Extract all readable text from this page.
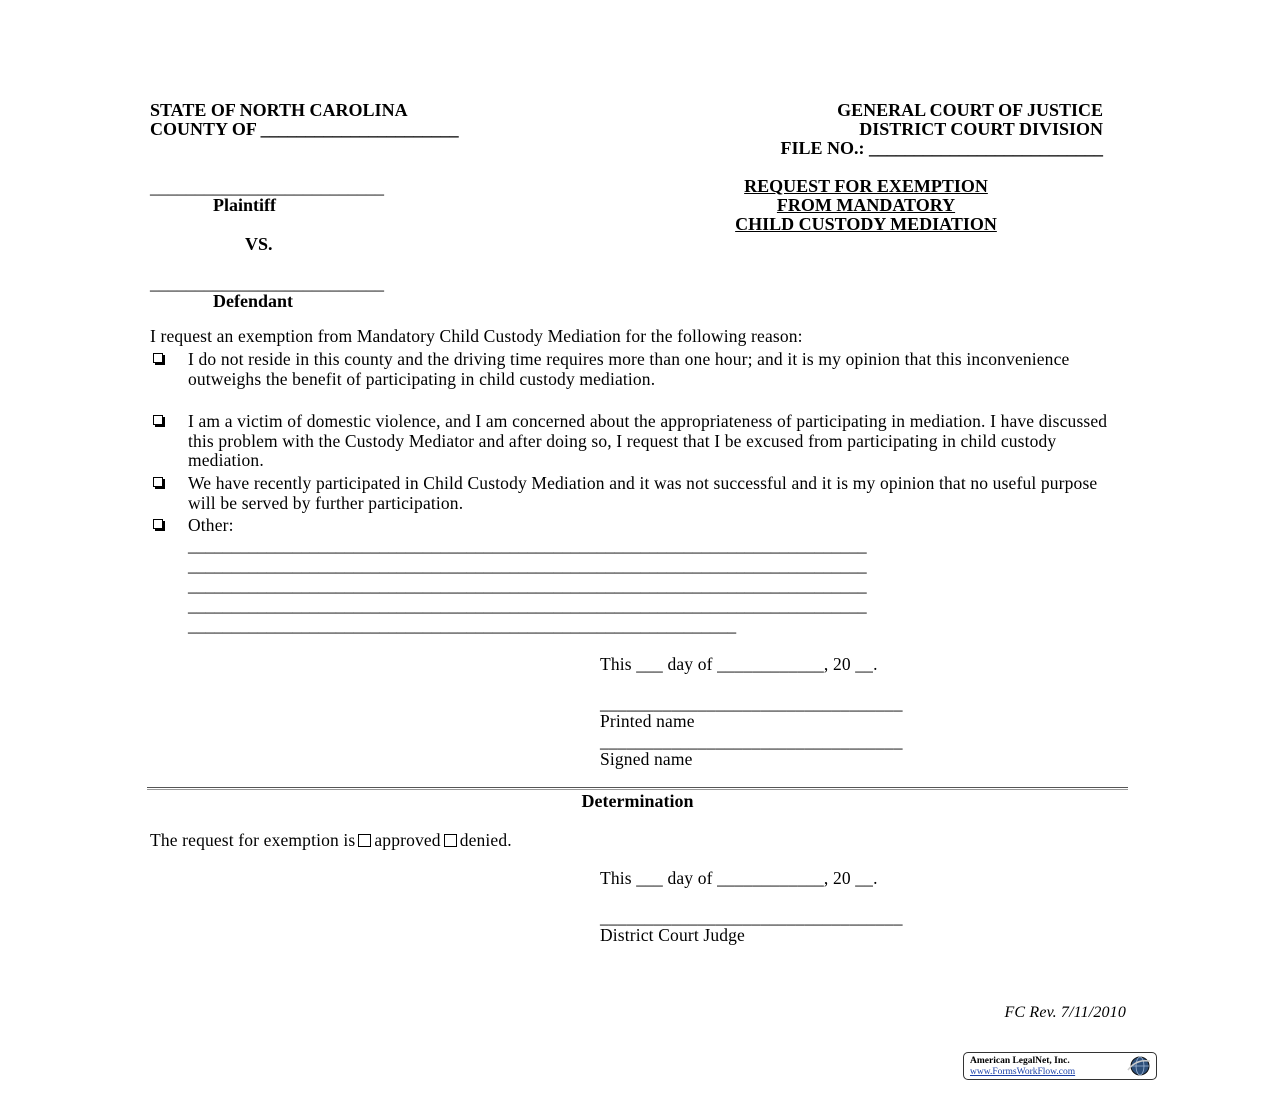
STATE OF NORTH CAROLINA
COUNTY OF ______________________
GENERAL COURT OF JUSTICE
DISTRICT COURT DIVISION
FILE NO.: __________________________
__________________________
Plaintiff
VS.
__________________________
Defendant
REQUEST FOR EXEMPTION
FROM MANDATORY
CHILD CUSTODY MEDIATION
I request an exemption from Mandatory Child Custody Mediation for the following reason:
I do not reside in this county and the driving time requires more than one hour; and it is my opinion that this inconvenience outweighs the benefit of participating in child custody mediation.
I am a victim of domestic violence, and I am concerned about the appropriateness of participating in mediation. I have discussed this problem with the Custody Mediator and after doing so, I request that I be excused from participating in child custody mediation.
We have recently participated in Child Custody Mediation and it was not successful and it is my opinion that no useful purpose will be served by further participation.
Other:
______________________________________________________________________________
______________________________________________________________________________
______________________________________________________________________________
______________________________________________________________________________
_______________________________________________________________
This ___ day of ____________, 20 __.
__________________________________
Printed name
__________________________________
Signed name
Determination
The request for exemption is approved denied.
This ___ day of ____________, 20 __.
__________________________________
District Court Judge
FC Rev. 7/11/2010
American LegalNet, Inc.
www.FormsWorkFlow.com
